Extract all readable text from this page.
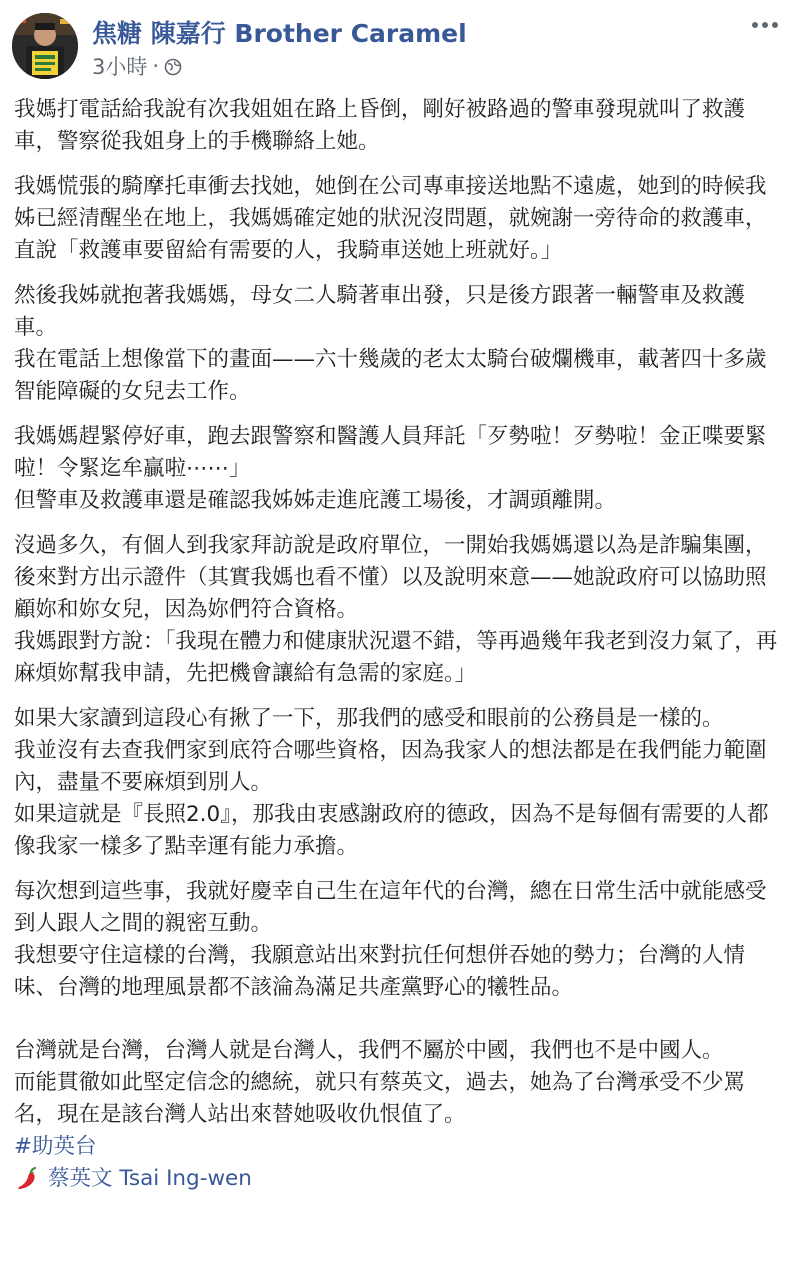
焦糖 陳嘉行 Brother Caramel
3小時 ·

我媽打電話給我說有次我姐姐在路上昏倒，剛好被路過的警車發現就叫了救護車，警察從我姐身上的手機聯絡上她。

我媽慌張的騎摩托車衝去找她，她倒在公司專車接送地點不遠處，她到的時候我姊已經清醒坐在地上，我媽媽確定她的狀況沒問題，就婉謝一旁待命的救護車，直說「救護車要留給有需要的人，我騎車送她上班就好。」

然後我姊就抱著我媽媽，母女二人騎著車出發，只是後方跟著一輛警車及救護車。

我在電話上想像當下的畫面——六十幾歲的老太太騎台破爛機車，載著四十多歲智能障礙的女兒去工作。

我媽媽趕緊停好車，跑去跟警察和醫護人員拜託「歹勢啦！歹勢啦！金正喋要緊啦！令緊迄牟贏啦⋯⋯」

但警車及救護車還是確認我姊姊走進庇護工場後，才調頭離開。

沒過多久，有個人到我家拜訪說是政府單位，一開始我媽媽還以為是詐騙集團，後來對方出示證件（其實我媽也看不懂）以及說明來意——她說政府可以協助照顧妳和妳女兒，因為妳們符合資格。

我媽跟對方說：「我現在體力和健康狀況還不錯，等再過幾年我老到沒力氣了，再麻煩妳幫我申請，先把機會讓給有急需的家庭。」

如果大家讀到這段心有揪了一下，那我們的感受和眼前的公務員是一樣的。

我並沒有去查我們家到底符合哪些資格，因為我家人的想法都是在我們能力範圍內，盡量不要麻煩到別人。

如果這就是『長照2.0』，那我由衷感謝政府的德政，因為不是每個有需要的人都像我家一樣多了點幸運有能力承擔。

每次想到這些事，我就好慶幸自己生在這年代的台灣，總在日常生活中就能感受到人跟人之間的親密互動。

我想要守住這樣的台灣，我願意站出來對抗任何想併吞她的勢力；台灣的人情味、台灣的地理風景都不該淪為滿足共產黨野心的犧牲品。

台灣就是台灣，台灣人就是台灣人，我們不屬於中國，我們也不是中國人。

而能貫徹如此堅定信念的總統，就只有蔡英文，過去，她為了台灣承受不少罵名，現在是該台灣人站出來替她吸收仇恨值了。

#助英台

蔡英文 Tsai Ing-wen
